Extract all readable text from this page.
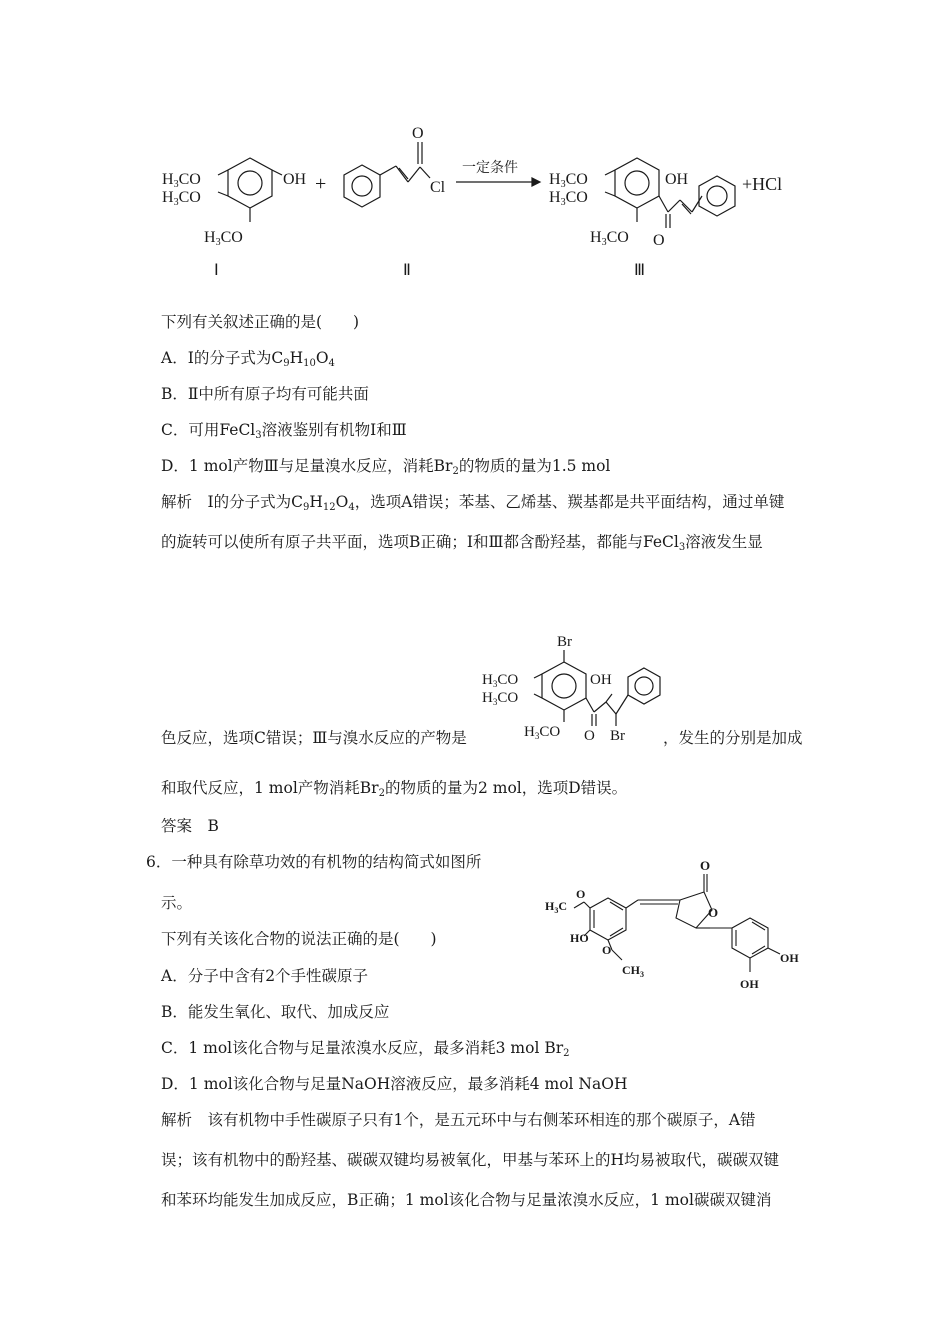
H3CO
H3CO
H3CO
OH
Ⅰ
+
O
Cl
Ⅱ
一定条件
H3CO
H3CO
H3CO
OH
O
+HCl
Ⅲ
下列有关叙述正确的是(　　)
A．Ⅰ的分子式为$C_9H_{10}O_4$
B．Ⅱ中所有原子均有可能共面
C．可用FeCl$_3$溶液鉴别有机物Ⅰ和Ⅲ
D．1 mol产物Ⅲ与足量溴水反应，消耗$Br_2$的物质的量为1.5 mol
解析　Ⅰ的分子式为$C_9H_{12}O_4$，选项A错误；苯基、乙烯基、羰基都是共平面结构，通过单键
的旋转可以使所有原子共平面，选项B正确；Ⅰ和Ⅲ都含酚羟基，都能与FeCl$_3$溶液发生显
Br
$H_3CO$
$H_3CO$
$H_3CO$
OH
O Br
色反应，选项C错误；Ⅲ与溴水反应的产物是	，发生的分别是加成
和取代反应，1 mol产物消耗$Br_2$的物质的量为2 mol，选项D错误。
答案　B
6．一种具有除草功效的有机物的结构简式如图所
示。
下列有关该化合物的说法正确的是(　　)
O
O
$H_3C$
O
HO
O
$CH_3$
OH
OH
A．分子中含有2个手性碳原子
B．能发生氧化、取代、加成反应
C．1 mol该化合物与足量浓溴水反应，最多消耗3 mol $Br_2$
D．1 mol该化合物与足量NaOH溶液反应，最多消耗4 mol NaOH
解析　该有机物中手性碳原子只有1个，是五元环中与右侧苯环相连的那个碳原子，A错
误；该有机物中的酚羟基、碳碳双键均易被氧化，甲基与苯环上的H均易被取代，碳碳双键
和苯环均能发生加成反应，B正确；1 mol该化合物与足量浓溴水反应，1 mol碳碳双键消
